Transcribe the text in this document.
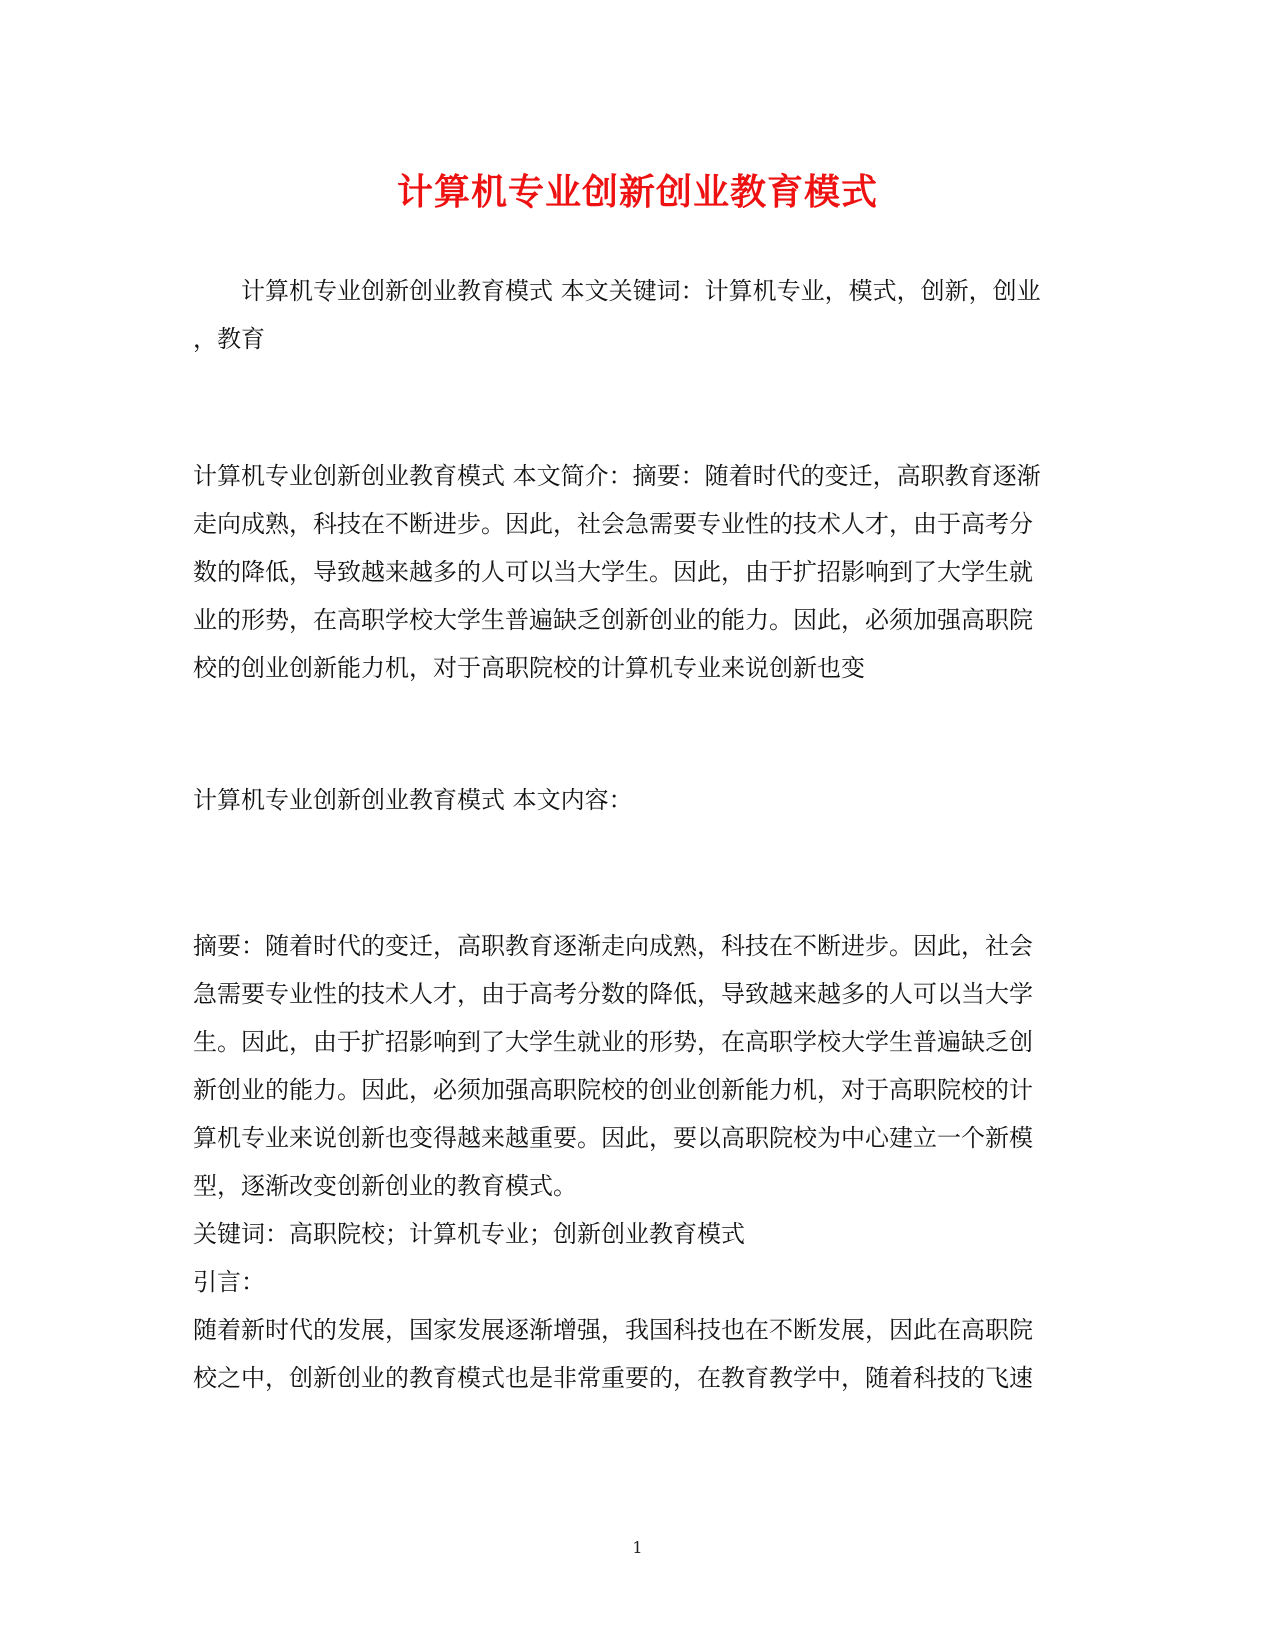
计算机专业创新创业教育模式
计算机专业创新创业教育模式 本文关键词：计算机专业，模式，创新，创业
，教育
计算机专业创新创业教育模式 本文简介：摘要：随着时代的变迁，高职教育逐渐
走向成熟，科技在不断进步。因此，社会急需要专业性的技术人才，由于高考分
数的降低，导致越来越多的人可以当大学生。因此，由于扩招影响到了大学生就
业的形势，在高职学校大学生普遍缺乏创新创业的能力。因此，必须加强高职院
校的创业创新能力机，对于高职院校的计算机专业来说创新也变
计算机专业创新创业教育模式 本文内容：
摘要：随着时代的变迁，高职教育逐渐走向成熟，科技在不断进步。因此，社会
急需要专业性的技术人才，由于高考分数的降低，导致越来越多的人可以当大学
生。因此，由于扩招影响到了大学生就业的形势，在高职学校大学生普遍缺乏创
新创业的能力。因此，必须加强高职院校的创业创新能力机，对于高职院校的计
算机专业来说创新也变得越来越重要。因此，要以高职院校为中心建立一个新模
型，逐渐改变创新创业的教育模式。
关键词：高职院校；计算机专业；创新创业教育模式
引言：
随着新时代的发展，国家发展逐渐增强，我国科技也在不断发展，因此在高职院
校之中，创新创业的教育模式也是非常重要的，在教育教学中，随着科技的飞速
1
